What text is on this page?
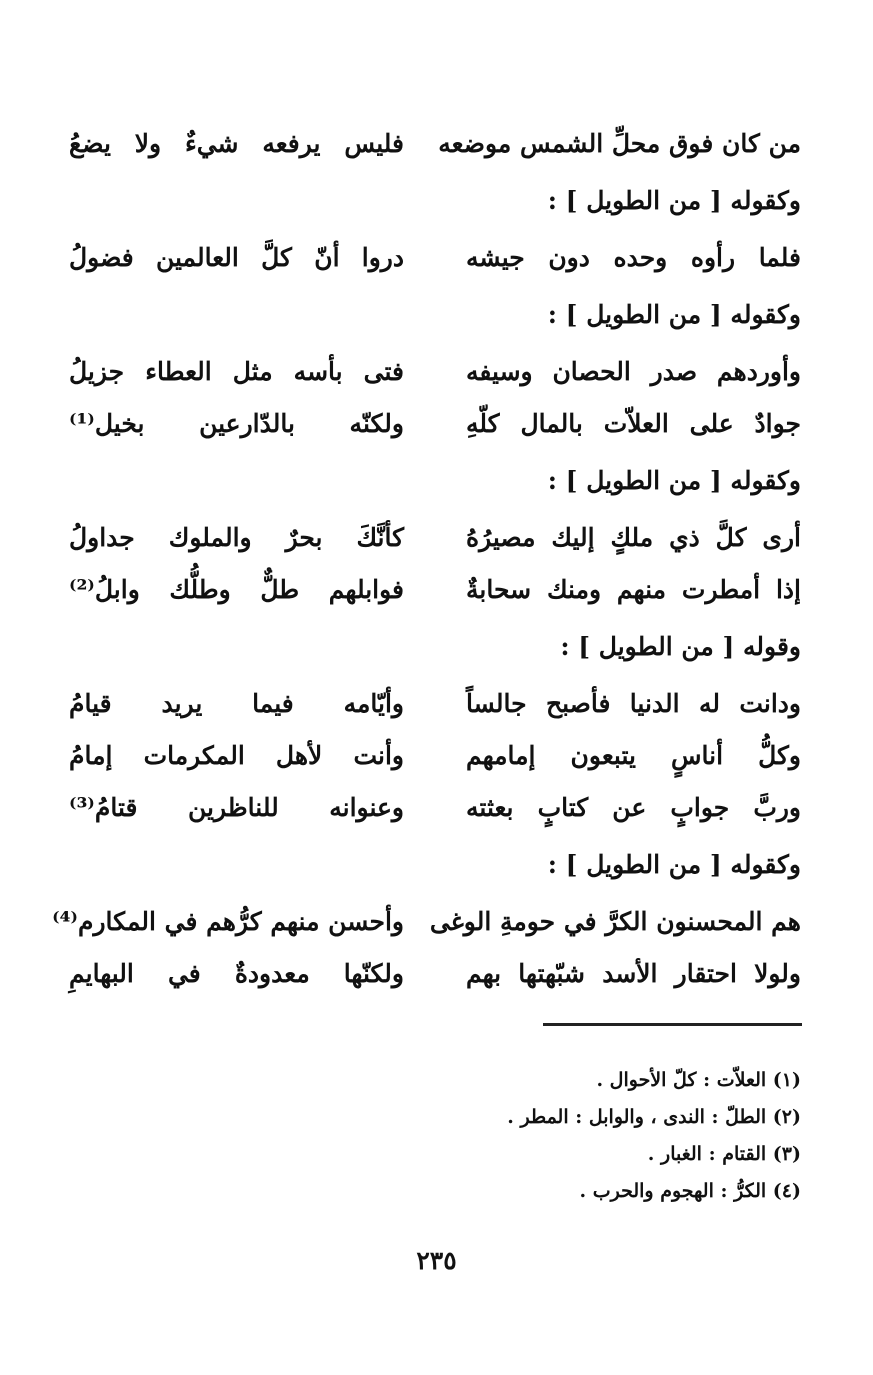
من كان فوق محلِّ الشمس موضعه
فليس يرفعه شيءٌ ولا يضعُ
وكقوله [ من الطويل ] :
فلما رأوه وحده دون جيشه
دروا أنّ كلَّ العالمين فضولُ
وكقوله [ من الطويل ] :
وأوردهم صدر الحصان وسيفه
فتى بأسه مثل العطاء جزيلُ
جوادٌ على العلاّت بالمال كلّهِ
ولكنّه بالدّارعين بخيل⁽¹⁾
وكقوله [ من الطويل ] :
أرى كلَّ ذي ملكٍ إليك مصيرُهُ
كأنَّكَ بحرٌ والملوك جداولُ
إذا أمطرت منهم ومنك سحابةٌ
فوابلهم طلٌّ وطلُّك وابلُ⁽²⁾
وقوله [ من الطويل ] :
ودانت له الدنيا فأصبح جالساً
وأيّامه فيما يريد قيامُ
وكلُّ أناسٍ يتبعون إمامهم
وأنت لأهل المكرمات إمامُ
وربَّ جوابٍ عن كتابٍ بعثته
وعنوانه للناظرين قتامُ⁽³⁾
وكقوله [ من الطويل ] :
هم المحسنون الكرَّ في حومةِ الوغى
وأحسن منهم كرُّهم في المكارم⁽⁴⁾
ولولا احتقار الأسد شبّهتها بهم
ولكنّها معدودةٌ في البهايمِ
(١) العلاّت : كلّ الأحوال .
(٢) الطلّ : الندى ، والوابل : المطر .
(٣) القتام : الغبار .
(٤) الكرُّ : الهجوم والحرب .
٢٣٥
